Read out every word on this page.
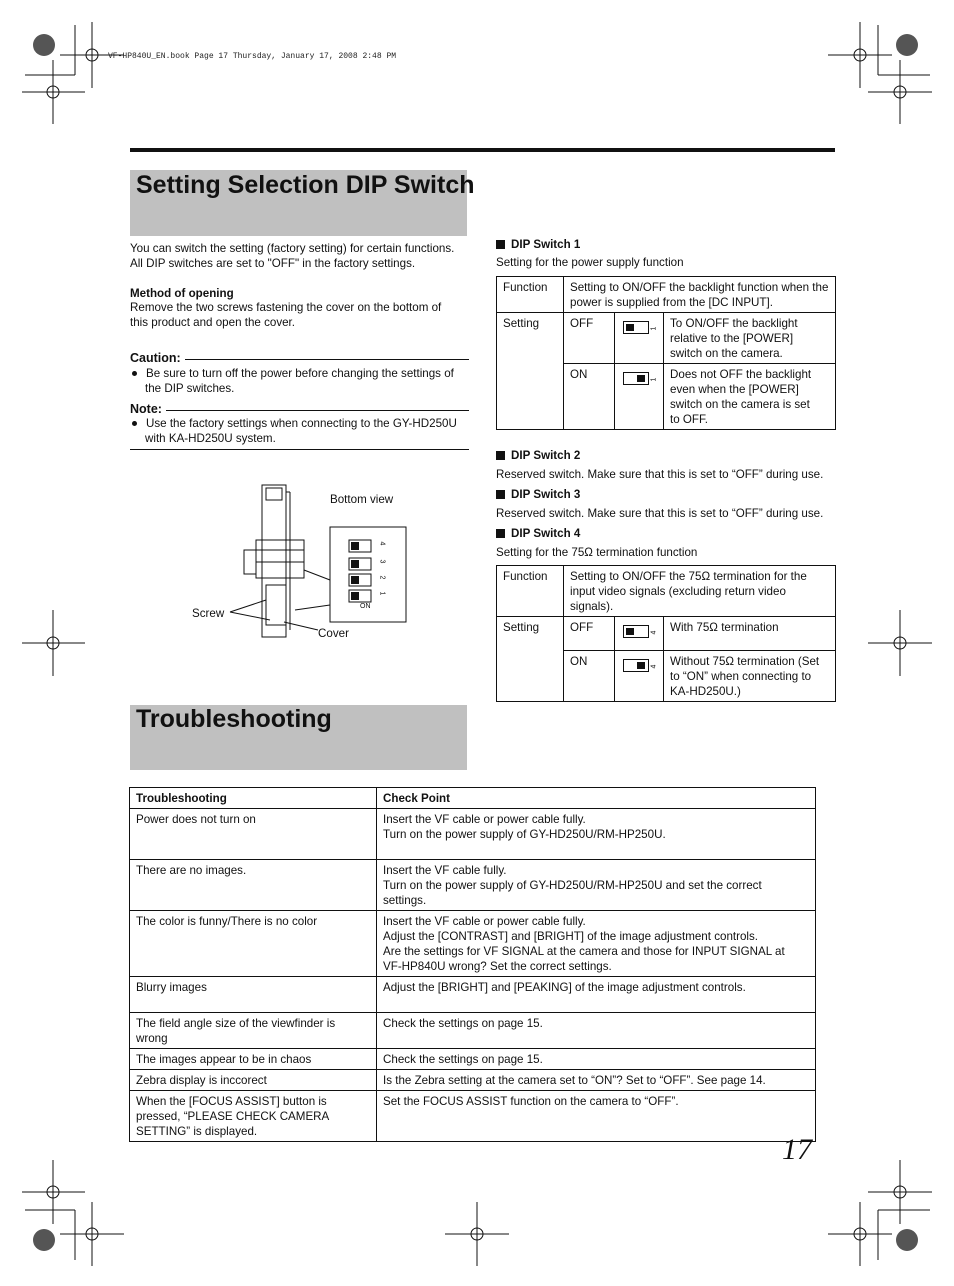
VF-HP840U_EN.book Page 17 Thursday, January 17, 2008 2:48 PM
Setting Selection DIP Switch
You can switch the setting (factory setting) for certain functions.
All DIP switches are set to "OFF" in the factory settings.
Method of opening
Remove the two screws fastening the cover on the bottom of
this product and open the cover.
Caution:
Be sure to turn off the power before changing the settings of
the DIP switches.
Note:
Use the factory settings when connecting to the GY-HD250U
with KA-HD250U system.
4
3
2
1
ON
Bottom view
Screw
Cover
DIP Switch 1
Setting for the power supply function
Function	Setting to ON/OFF the backlight function when the
power is supplied from the [DC INPUT].		

Setting	OFF	1	To ON/OFF the backlight
relative to the [POWER]
switch on the camera.

	ON	1	Does not OFF the backlight
even when the [POWER]
switch on the camera is set
to OFF.
DIP Switch 2
Reserved switch. Make sure that this is set to “OFF” during use.
DIP Switch 3
Reserved switch. Make sure that this is set to “OFF” during use.
DIP Switch 4
Setting for the 75Ω termination function
Function	Setting to ON/OFF the 75Ω termination for the
input video signals (excluding return video
signals).		

Setting	OFF	4	With 75Ω termination

	ON	4	Without 75Ω termination (Set
to “ON” when connecting to
KA-HD250U.)
Troubleshooting
Troubleshooting	Check Point

Power does not turn on	Insert the VF cable or power cable fully.
Turn on the power supply of GY-HD250U/RM-HP250U.

There are no images.	Insert the VF cable fully.
Turn on the power supply of GY-HD250U/RM-HP250U and set the correct
settings.

The color is funny/There is no color	Insert the VF cable or power cable fully.
Adjust the [CONTRAST] and [BRIGHT] of the image adjustment controls.
Are the settings for VF SIGNAL at the camera and those for INPUT SIGNAL at
VF-HP840U wrong? Set the correct settings.

Blurry images	Adjust the [BRIGHT] and [PEAKING] of the image adjustment controls.

The field angle size of the viewfinder is
wrong	Check the settings on page 15.

The images appear to be in chaos	Check the settings on page 15.

Zebra display is inccorect	Is the Zebra setting at the camera set to “ON”? Set to “OFF”. See page 14.

When the [FOCUS ASSIST] button is
pressed, “PLEASE CHECK CAMERA
SETTING” is displayed.	Set the FOCUS ASSIST function on the camera to “OFF”.
17
